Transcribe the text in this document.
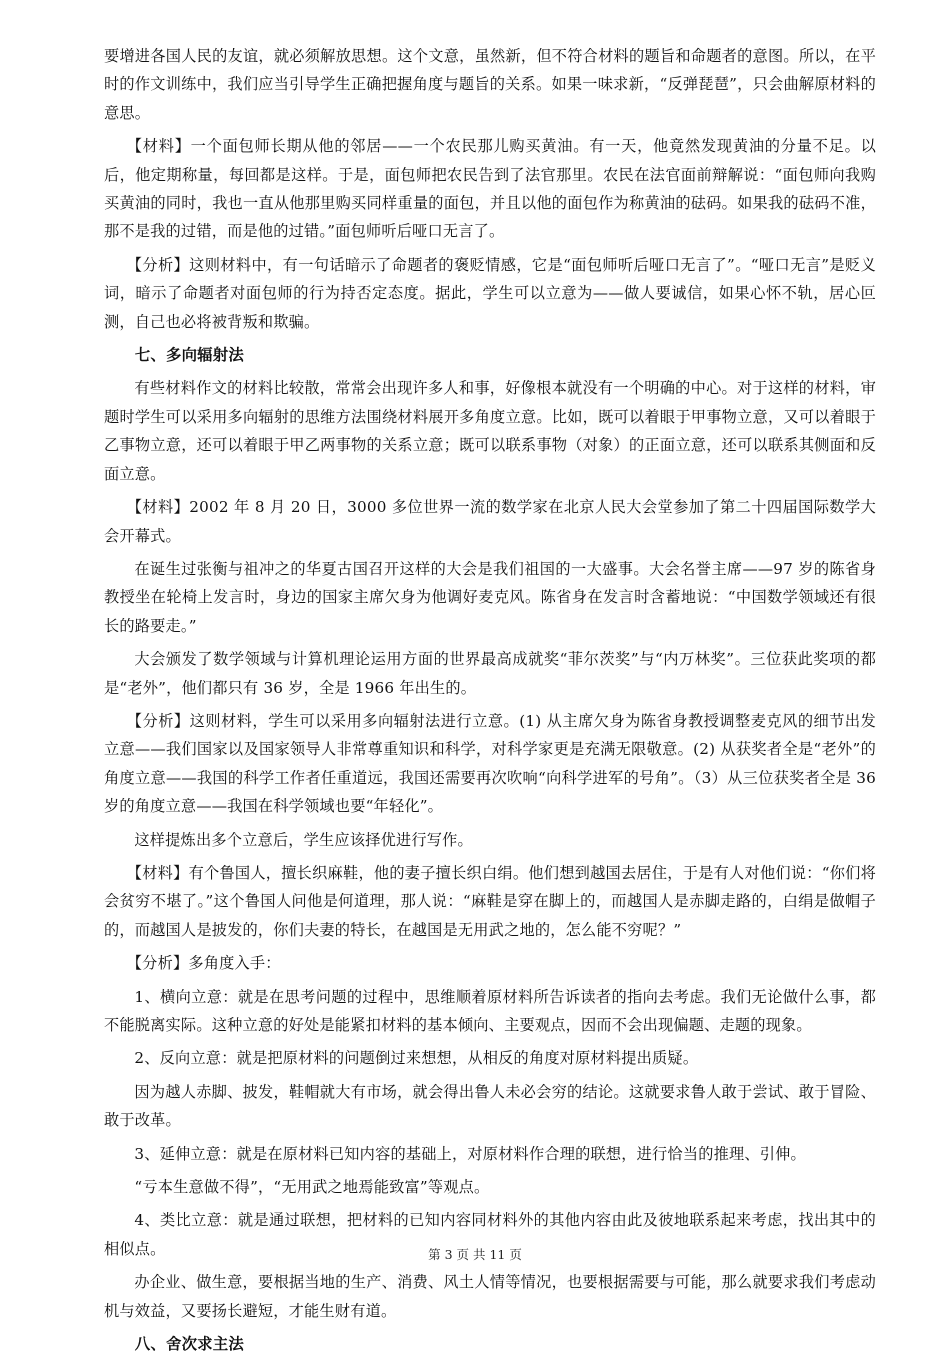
要增进各国人民的友谊，就必须解放思想。这个文意，虽然新，但不符合材料的题旨和命题者的意图。所以，在平时的作文训练中，我们应当引导学生正确把握角度与题旨的关系。如果一味求新，“反弹琵琶”，只会曲解原材料的意思。

【材料】一个面包师长期从他的邻居——一个农民那儿购买黄油。有一天，他竟然发现黄油的分量不足。以后，他定期称量，每回都是这样。于是，面包师把农民告到了法官那里。农民在法官面前辩解说：“面包师向我购买黄油的同时，我也一直从他那里购买同样重量的面包，并且以他的面包作为称黄油的砝码。如果我的砝码不准，那不是我的过错，而是他的过错。”面包师听后哑口无言了。

【分析】这则材料中，有一句话暗示了命题者的褒贬情感，它是“面包师听后哑口无言了”。“哑口无言”是贬义词，暗示了命题者对面包师的行为持否定态度。据此，学生可以立意为——做人要诚信，如果心怀不轨，居心叵测，自己也必将被背叛和欺骗。

七、多向辐射法

有些材料作文的材料比较散，常常会出现许多人和事，好像根本就没有一个明确的中心。对于这样的材料，审题时学生可以采用多向辐射的思维方法围绕材料展开多角度立意。比如，既可以着眼于甲事物立意，又可以着眼于乙事物立意，还可以着眼于甲乙两事物的关系立意；既可以联系事物（对象）的正面立意，还可以联系其侧面和反面立意。

【材料】2002 年 8 月 20 日，3000 多位世界一流的数学家在北京人民大会堂参加了第二十四届国际数学大会开幕式。

在诞生过张衡与祖冲之的华夏古国召开这样的大会是我们祖国的一大盛事。大会名誉主席——97 岁的陈省身教授坐在轮椅上发言时，身边的国家主席欠身为他调好麦克风。陈省身在发言时含蓄地说：“中国数学领域还有很长的路要走。”

大会颁发了数学领域与计算机理论运用方面的世界最高成就奖“菲尔茨奖”与“内万林奖”。三位获此奖项的都是“老外”，他们都只有 36 岁，全是 1966 年出生的。

【分析】这则材料，学生可以采用多向辐射法进行立意。(1) 从主席欠身为陈省身教授调整麦克风的细节出发立意——我们国家以及国家领导人非常尊重知识和科学，对科学家更是充满无限敬意。(2) 从获奖者全是“老外”的角度立意——我国的科学工作者任重道远，我国还需要再次吹响“向科学进军的号角”。（3）从三位获奖者全是 36 岁的角度立意——我国在科学领域也要“年轻化”。

这样提炼出多个立意后，学生应该择优进行写作。

【材料】有个鲁国人，擅长织麻鞋，他的妻子擅长织白绢。他们想到越国去居住，于是有人对他们说：“你们将会贫穷不堪了。”这个鲁国人问他是何道理，那人说：“麻鞋是穿在脚上的，而越国人是赤脚走路的，白绢是做帽子的，而越国人是披发的，你们夫妻的特长，在越国是无用武之地的，怎么能不穷呢？”

【分析】多角度入手：

1、横向立意：就是在思考问题的过程中，思维顺着原材料所告诉读者的指向去考虑。我们无论做什么事，都不能脱离实际。这种立意的好处是能紧扣材料的基本倾向、主要观点，因而不会出现偏题、走题的现象。

2、反向立意：就是把原材料的问题倒过来想想，从相反的角度对原材料提出质疑。

因为越人赤脚、披发，鞋帽就大有市场，就会得出鲁人未必会穷的结论。这就要求鲁人敢于尝试、敢于冒险、敢于改革。

3、延伸立意：就是在原材料已知内容的基础上，对原材料作合理的联想，进行恰当的推理、引伸。

“亏本生意做不得”，“无用武之地焉能致富”等观点。

4、类比立意：就是通过联想，把材料的已知内容同材料外的其他内容由此及彼地联系起来考虑，找出其中的相似点。

办企业、做生意，要根据当地的生产、消费、风土人情等情况，也要根据需要与可能，那么就要求我们考虑动机与效益，又要扬长避短，才能生财有道。

八、舍次求主法

第 3 页 共 11 页
